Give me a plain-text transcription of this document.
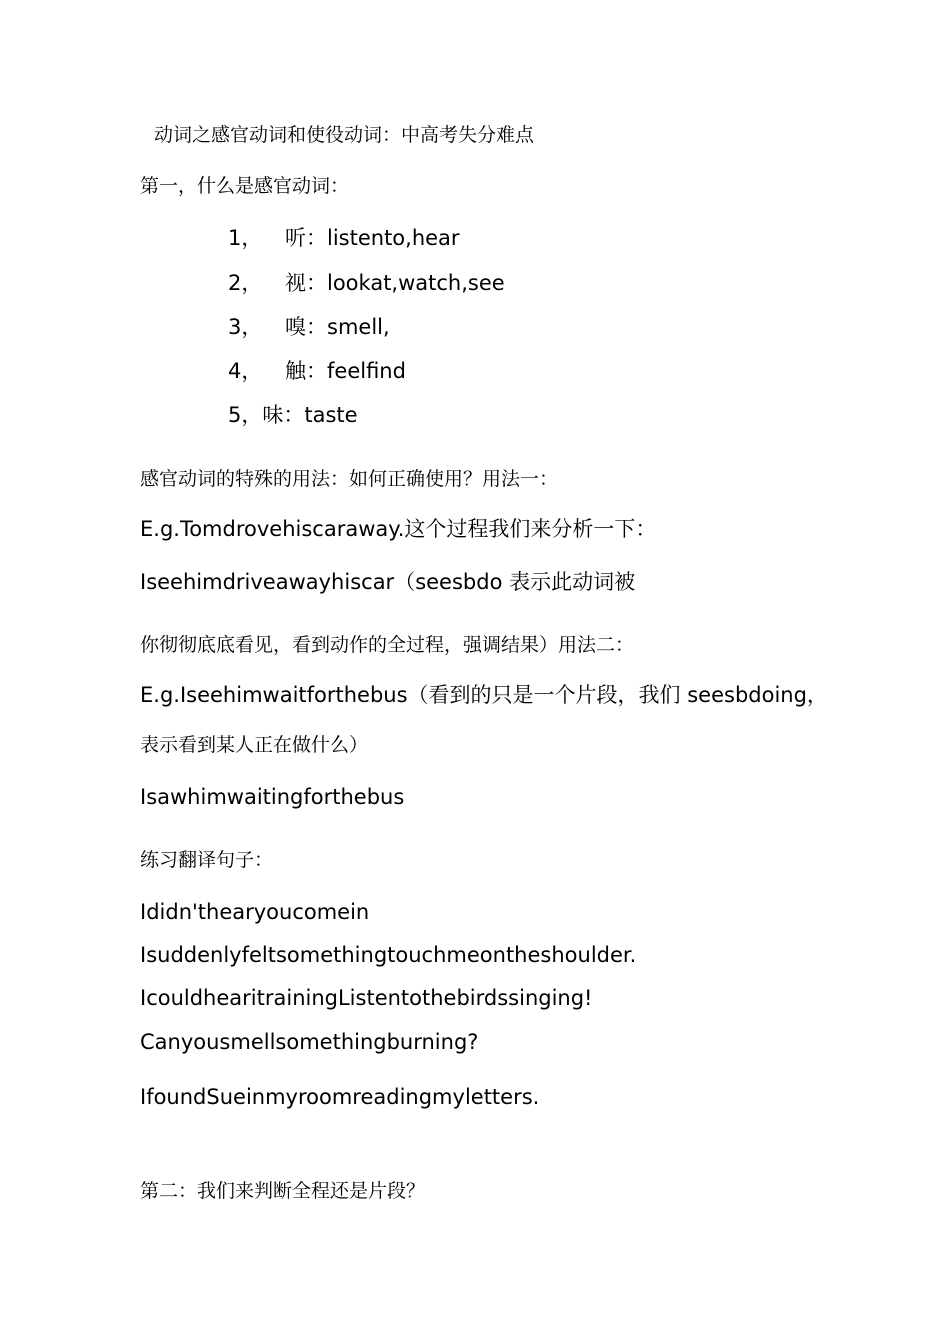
动词之感官动词和使役动词：中高考失分难点
第一，什么是感官动词：
1， 听：listento,hear
2， 视：lookat,watch,see
3， 嗅：smell,
4， 触：feelfind
5，味：taste
感官动词的特殊的用法：如何正确使用？用法一：
E.g.Tomdrovehiscaraway.这个过程我们来分析一下：
Iseehimdriveawayhiscar（seesbdo 表示此动词被
你彻彻底底看见，看到动作的全过程，强调结果）用法二：
E.g.Iseehimwaitforthebus（看到的只是一个片段，我们 seesbdoing，
表示看到某人正在做什么）
Isawhimwaitingforthebus
练习翻译句子：
Ididn'thearyoucomein
Isuddenlyfeltsomethingtouchmeontheshoulder.
IcouldhearitrainingListentothebirdssinging!
Canyousmellsomethingburning?
IfoundSueinmyroomreadingmyletters.
第二：我们来判断全程还是片段？
